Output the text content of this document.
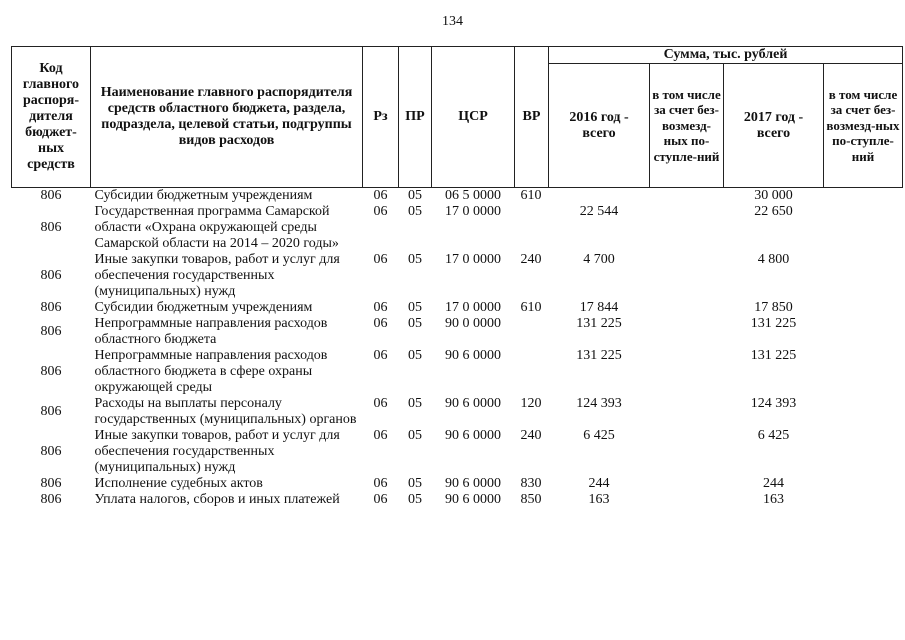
134
Код главного распоря-дителя бюджет-ных средств	Наименование главного распорядителя средств областного бюджета, раздела, подраздела, целевой статьи, подгруппы видов расходов	Рз	ПР	ЦСР	ВР	Сумма, тыс. рублей			
						2016 год - всего	в том числе за счет без-возмезд-ных по-ступле-ний	2017 год - всего	в том числе за счет без-возмезд-ных по-ступле-ний
806	Субсидии бюджетным учреждениям	06	05	06 5 0000	610			30 000	
806	Государственная программа Самарской области «Охрана окружающей среды Самарской области на 2014 – 2020 годы»	06	05	17 0 0000		22 544		22 650	
806	Иные закупки товаров, работ и услуг для обеспечения государственных (муниципальных) нужд	06	05	17 0 0000	240	4 700		4 800	
806	Субсидии бюджетным учреждениям	06	05	17 0 0000	610	17 844		17 850	
806	Непрограммные направления расходов областного бюджета	06	05	90 0 0000		131 225		131 225	
806	Непрограммные направления расходов областного бюджета в сфере охраны окружающей среды	06	05	90 6 0000		131 225		131 225	
806	Расходы на выплаты персоналу государственных (муниципальных) органов	06	05	90 6 0000	120	124 393		124 393	
806	Иные закупки товаров, работ и услуг для обеспечения государственных (муниципальных) нужд	06	05	90 6 0000	240	6 425		6 425	
806	Исполнение судебных актов	06	05	90 6 0000	830	244		244	
806	Уплата налогов, сборов и иных платежей	06	05	90 6 0000	850	163		163	
